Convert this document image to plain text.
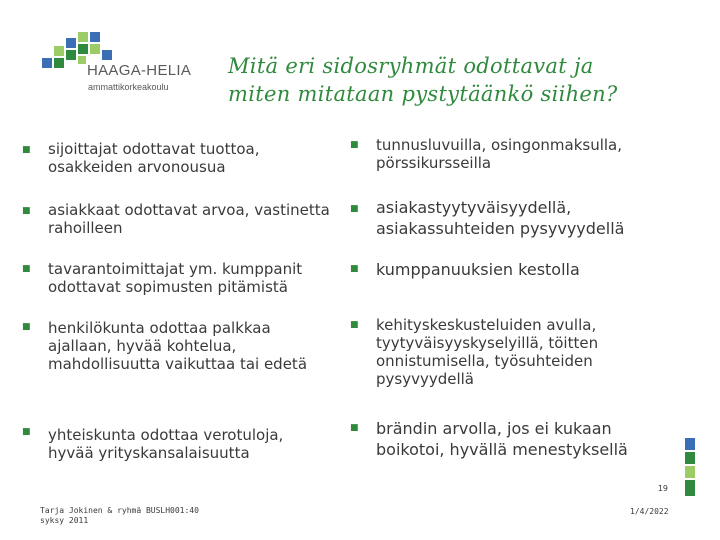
HAAGA-HELIA
ammattikorkeakoulu
Mitä eri sidosryhmät odottavat ja
miten mitataan pystytäänkö siihen?
■ sijoittajat odottavat tuottoa,
osakkeiden arvonousua
■ tunnusluvuilla, osingonmaksulla,
pörssikursseilla
■ asiakkaat odottavat arvoa, vastinetta
rahoilleen
■ asiakastyytyväisyydellä,
asiakassuhteiden pysyvyydellä
■ tavarantoimittajat ym. kumppanit
odottavat sopimusten pitämistä
■ kumppanuuksien kestolla
■ henkilökunta odottaa palkkaa
ajallaan, hyvää kohtelua,
mahdollisuutta vaikuttaa tai edetä
■ kehityskeskusteluiden avulla,
tyytyväisyyskyselyillä, töitten
onnistumisella, työsuhteiden
pysyvyydellä
■ yhteiskunta odottaa verotuloja,
hyvää yrityskansalaisuutta
■ brändin arvolla, jos ei kukaan
boikotoi, hyvällä menestyksellä
Tarja Jokinen & ryhmä BUSLH001:40
syksy 2011
19
1/4/2022
